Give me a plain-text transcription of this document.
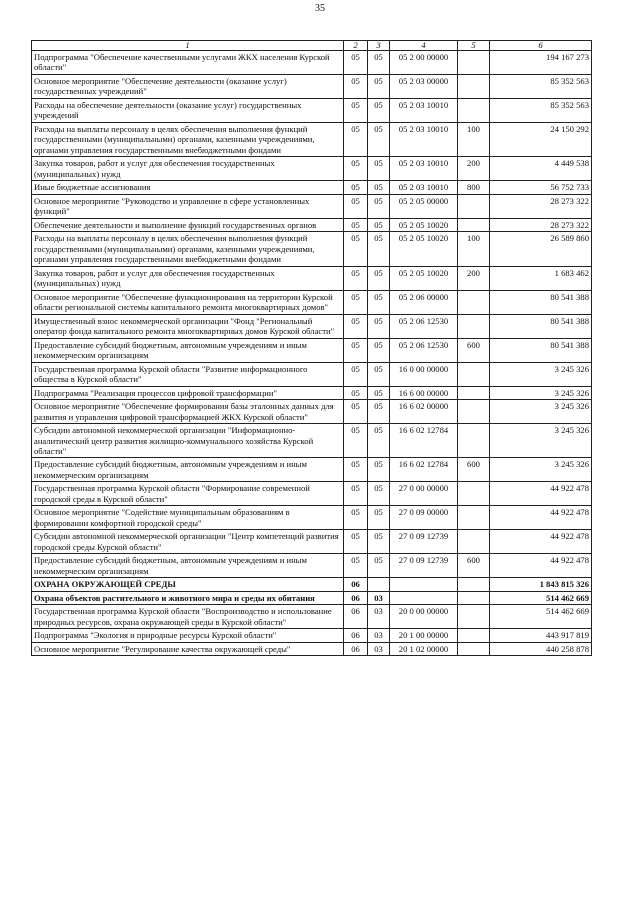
35
1	2	3	4	5	6
Подпрограмма "Обеспечение качественными услугами ЖКХ населения Курской области"	05	05	05 2 00 00000		194 167 273
Основное мероприятие "Обеспечение деятельности (оказание услуг) государственных учреждений"	05	05	05 2 03 00000		85 352 563
Расходы на обеспечение деятельности (оказание услуг) государственных учреждений	05	05	05 2 03 10010		85 352 563
Расходы на выплаты персоналу в целях обеспечения выполнения функций государственными (муниципальными) органами, казенными учреждениями, органами управления государственными внебюджетными фондами	05	05	05 2 03 10010	100	24 150 292
Закупка товаров, работ и услуг для обеспечения государственных (муниципальных) нужд	05	05	05 2 03 10010	200	4 449 538
Иные бюджетные ассигнования	05	05	05 2 03 10010	800	56 752 733
Основное мероприятие "Руководство и управление в сфере установленных функций"	05	05	05 2 05 00000		28 273 322
Обеспечение деятельности и выполнение функций государственных органов	05	05	05 2 05 10020		28 273 322
Расходы на выплаты персоналу в целях обеспечения выполнения функций государственными (муниципальными) органами, казенными учреждениями, органами управления государственными внебюджетными фондами	05	05	05 2 05 10020	100	26 589 860
Закупка товаров, работ и услуг для обеспечения государственных (муниципальных) нужд	05	05	05 2 05 10020	200	1 683 462
Основное мероприятие "Обеспечение функционирования на территории Курской области региональной системы капитального ремонта многоквартирных домов"	05	05	05 2 06 00000		80 541 388
Имущественный взнос некоммерческой организации "Фонд "Региональный оператор фонда капитального ремонта многоквартирных домов Курской области"	05	05	05 2 06 12530		80 541 388
Предоставление субсидий бюджетным, автономным учреждениям и иным некоммерческим организациям	05	05	05 2 06 12530	600	80 541 388
Государственная программа Курской области "Развитие информационного общества в Курской области"	05	05	16 0 00 00000		3 245 326
Подпрограмма "Реализация процессов цифровой трансформации"	05	05	16 6 00 00000		3 245 326
Основное мероприятие "Обеспечение формирования базы эталонных данных для развития и управления цифровой трансформацией ЖКХ Курской области"	05	05	16 6 02 00000		3 245 326
Субсидии автономной некоммерческой организации "Информационно-аналитический центр развития жилищно-коммунального хозяйства Курской области"	05	05	16 6 02 12784		3 245 326
Предоставление субсидий бюджетным, автономным учреждениям и иным некоммерческим организациям	05	05	16 6 02 12784	600	3 245 326
Государственная программа Курской области "Формирование современной городской среды в Курской области"	05	05	27 0 00 00000		44 922 478
Основное мероприятие "Содействие муниципальным образованиям в формировании комфортной городской среды"	05	05	27 0 09 00000		44 922 478
Субсидии автономной некоммерческой организации "Центр компетенций развития городской среды Курской области"	05	05	27 0 09 12739		44 922 478
Предоставление субсидий бюджетным, автономным учреждениям и иным некоммерческим организациям	05	05	27 0 09 12739	600	44 922 478
ОХРАНА ОКРУЖАЮЩЕЙ СРЕДЫ	06				1 843 815 326
Охрана объектов растительного и животного мира и среды их обитания	06	03			514 462 669
Государственная программа Курской области "Воспроизводство и использование природных ресурсов, охрана окружающей среды в Курской области"	06	03	20 0 00 00000		514 462 669
Подпрограмма "Экология и природные ресурсы Курской области"	06	03	20 1 00 00000		443 917 819
Основное мероприятие "Регулирование качества окружающей среды"	06	03	20 1 02 00000		440 258 878
